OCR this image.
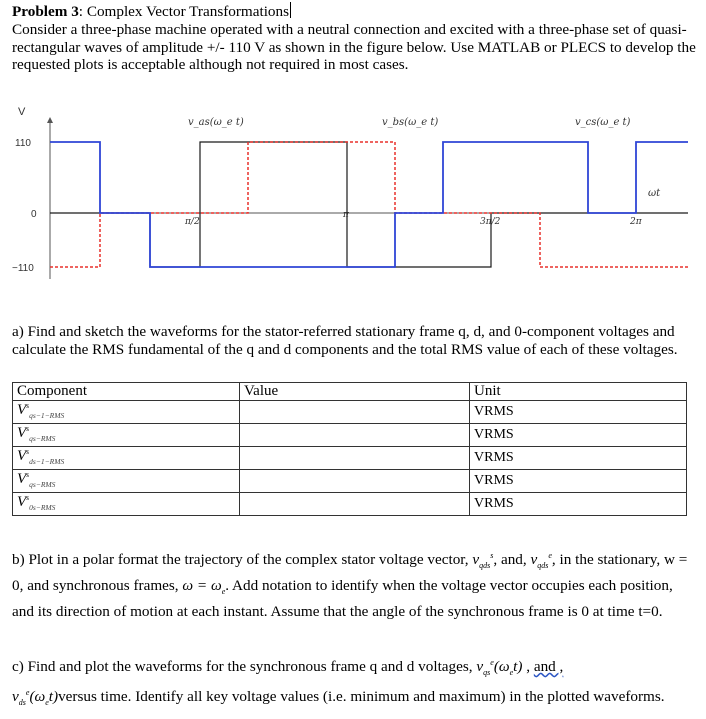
Problem 3: Complex Vector Transformations
Consider a three-phase machine operated with a neutral connection and excited with a three-phase set of quasi-rectangular waves of amplitude +/- 110 V as shown in the figure below. Use MATLAB or PLECS to develop the requested plots is acceptable although not required in most cases.
V
110
0
−110
π/2
π
3π/2	2π
ωt
v_as(ω_e t)	v_bs(ω_e t)	v_cs(ω_e t)
a) Find and sketch the waveforms for the stator-referred stationary frame q, d, and 0-component voltages and calculate the RMS fundamental of the q and d components and the total RMS value of each of these voltages.
Component	Value	Unit
$V^s_{qs-1-RMS}$		VRMS
$V^s_{qs-RMS}$		VRMS
$V^s_{ds-1-RMS}$		VRMS
$V^s_{qs-RMS}$		VRMS
$V^s_{0s-RMS}$		VRMS
b) Plot in a polar format the trajectory of the complex stator voltage vector, $v_{qds}^s$, and, $v_{qds}^e$, in the stationary, w = 0, and synchronous frames, $\omega = \omega_e$. Add notation to identify when the voltage vector occupies each position, and its direction of motion at each instant. Assume that the angle of the synchronous frame is 0 at time t=0.
c) Find and plot the waveforms for the synchronous frame q and d voltages, $v_{qs}^e(\omega_et)$ , and ,
$v_{ds}^e(\omega_et)versus$ time. Identify all key voltage values (i.e. minimum and maximum) in the plotted waveforms.
